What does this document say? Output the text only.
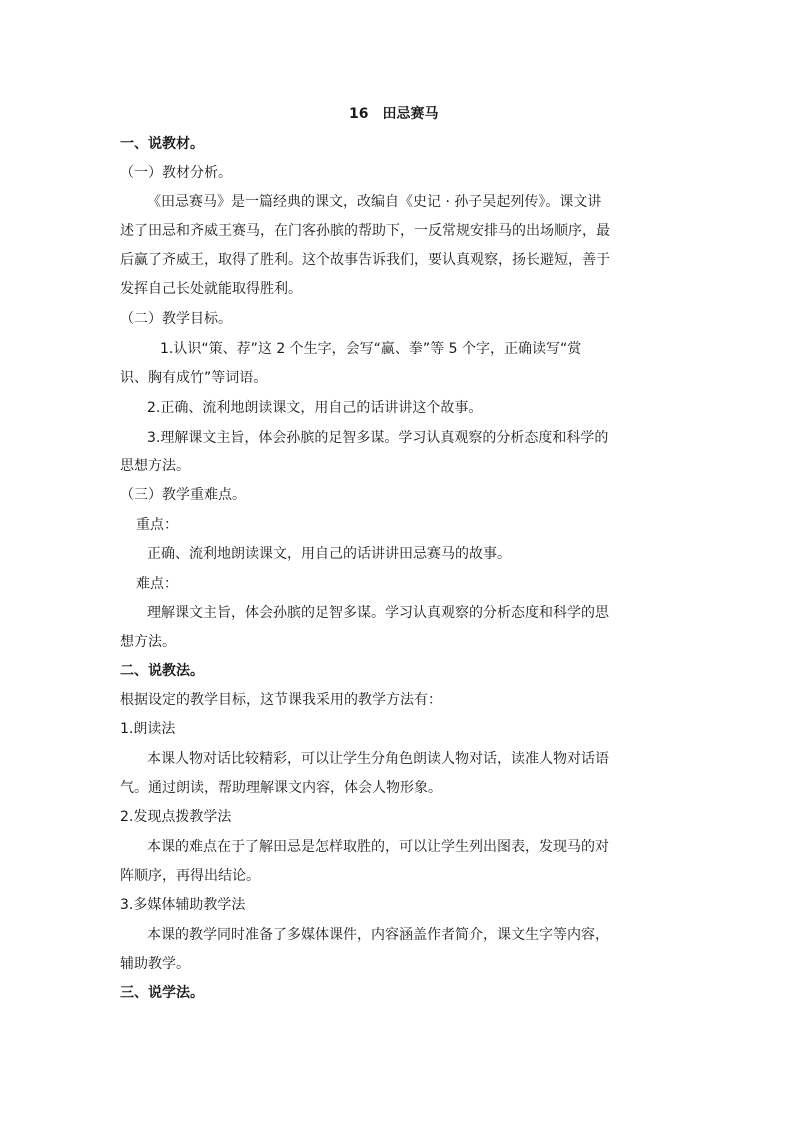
16　田忌赛马
一、说教材。
（一）教材分析。
《田忌赛马》是一篇经典的课文，改编自《史记 · 孙子吴起列传》。课文讲
述了田忌和齐威王赛马，在门客孙膑的帮助下，一反常规安排马的出场顺序，最
后赢了齐威王，取得了胜利。这个故事告诉我们，要认真观察，扬长避短，善于
发挥自己长处就能取得胜利。
（二）教学目标。
1.认识“策、荐”这 2 个生字，会写“赢、拳”等 5 个字，正确读写“赏
识、胸有成竹”等词语。
2.正确、流利地朗读课文，用自己的话讲讲这个故事。
3.理解课文主旨，体会孙膑的足智多谋。学习认真观察的分析态度和科学的
思想方法。
（三）教学重难点。
重点：
正确、流利地朗读课文，用自己的话讲讲田忌赛马的故事。
难点：
理解课文主旨，体会孙膑的足智多谋。学习认真观察的分析态度和科学的思
想方法。
二、说教法。
根据设定的教学目标，这节课我采用的教学方法有：
1.朗读法
本课人物对话比较精彩，可以让学生分角色朗读人物对话，读准人物对话语
气。通过朗读，帮助理解课文内容，体会人物形象。
2.发现点拨教学法
本课的难点在于了解田忌是怎样取胜的，可以让学生列出图表，发现马的对
阵顺序，再得出结论。
3.多媒体辅助教学法
本课的教学同时准备了多媒体课件，内容涵盖作者简介，课文生字等内容，
辅助教学。
三、说学法。
